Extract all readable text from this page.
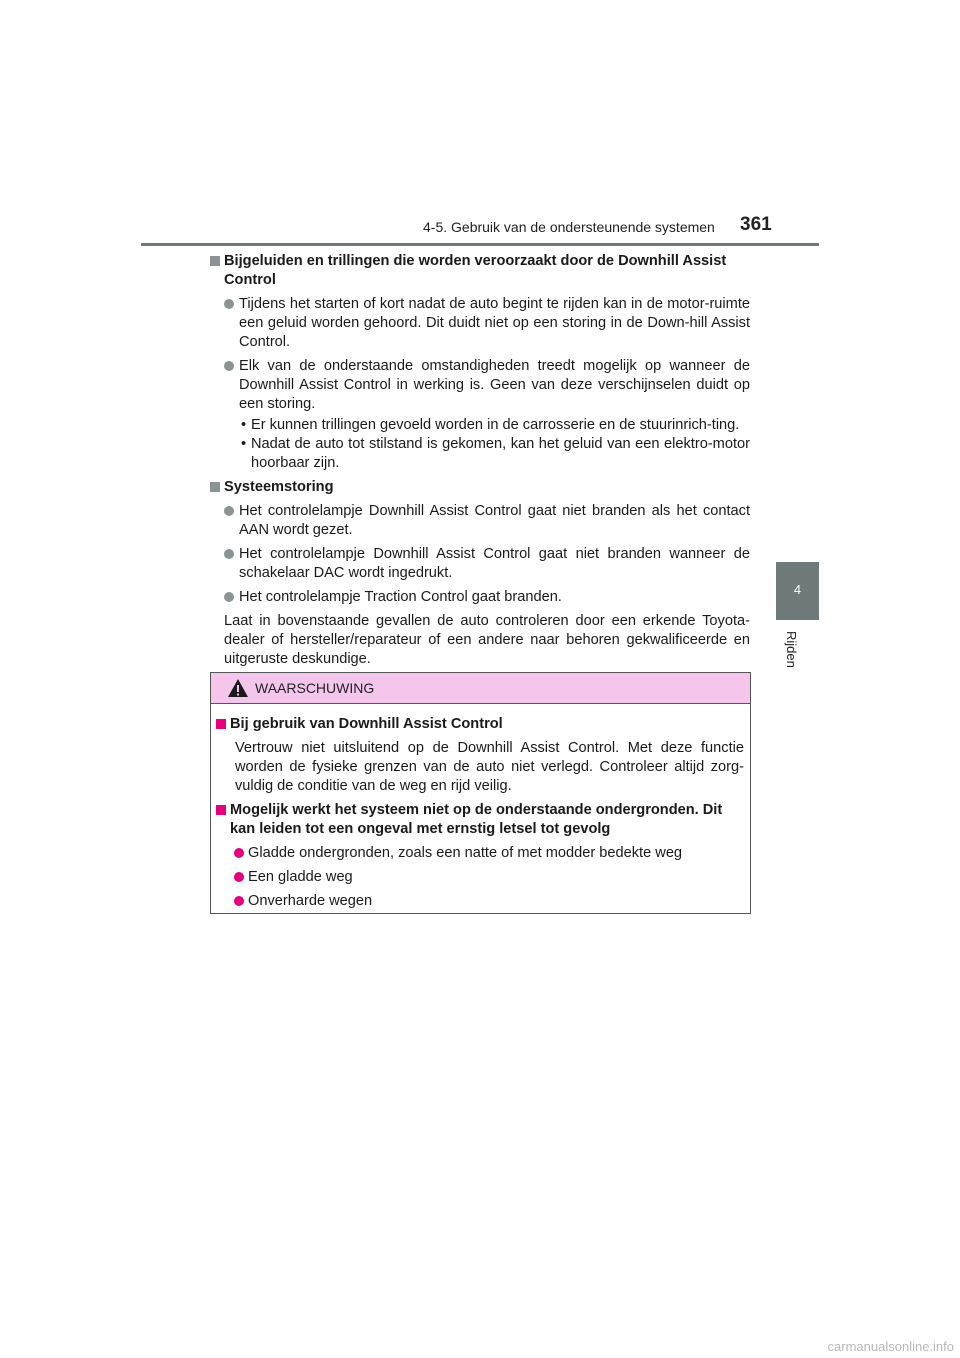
4-5. Gebruik van de ondersteunende systemen 361
4
Rijden
Bijgeluiden en trillingen die worden veroorzaakt door de Downhill Assist Control
Tijdens het starten of kort nadat de auto begint te rijden kan in de motor-ruimte een geluid worden gehoord. Dit duidt niet op een storing in de Down-hill Assist Control.
Elk van de onderstaande omstandigheden treedt mogelijk op wanneer de Downhill Assist Control in werking is. Geen van deze verschijnselen duidt op een storing.
• Er kunnen trillingen gevoeld worden in de carrosserie en de stuurinrich-ting.
• Nadat de auto tot stilstand is gekomen, kan het geluid van een elektro-motor hoorbaar zijn.
Systeemstoring
Het controlelampje Downhill Assist Control gaat niet branden als het contact AAN wordt gezet.
Het controlelampje Downhill Assist Control gaat niet branden wanneer de schakelaar DAC wordt ingedrukt.
Het controlelampje Traction Control gaat branden.
Laat in bovenstaande gevallen de auto controleren door een erkende Toyota-dealer of hersteller/reparateur of een andere naar behoren gekwalificeerde en uitgeruste deskundige.
WAARSCHUWING
Bij gebruik van Downhill Assist Control
Vertrouw niet uitsluitend op de Downhill Assist Control. Met deze functie worden de fysieke grenzen van de auto niet verlegd. Controleer altijd zorg-vuldig de conditie van de weg en rijd veilig.
Mogelijk werkt het systeem niet op de onderstaande ondergronden. Dit kan leiden tot een ongeval met ernstig letsel tot gevolg
Gladde ondergronden, zoals een natte of met modder bedekte weg
Een gladde weg
Onverharde wegen
carmanualsonline.info
